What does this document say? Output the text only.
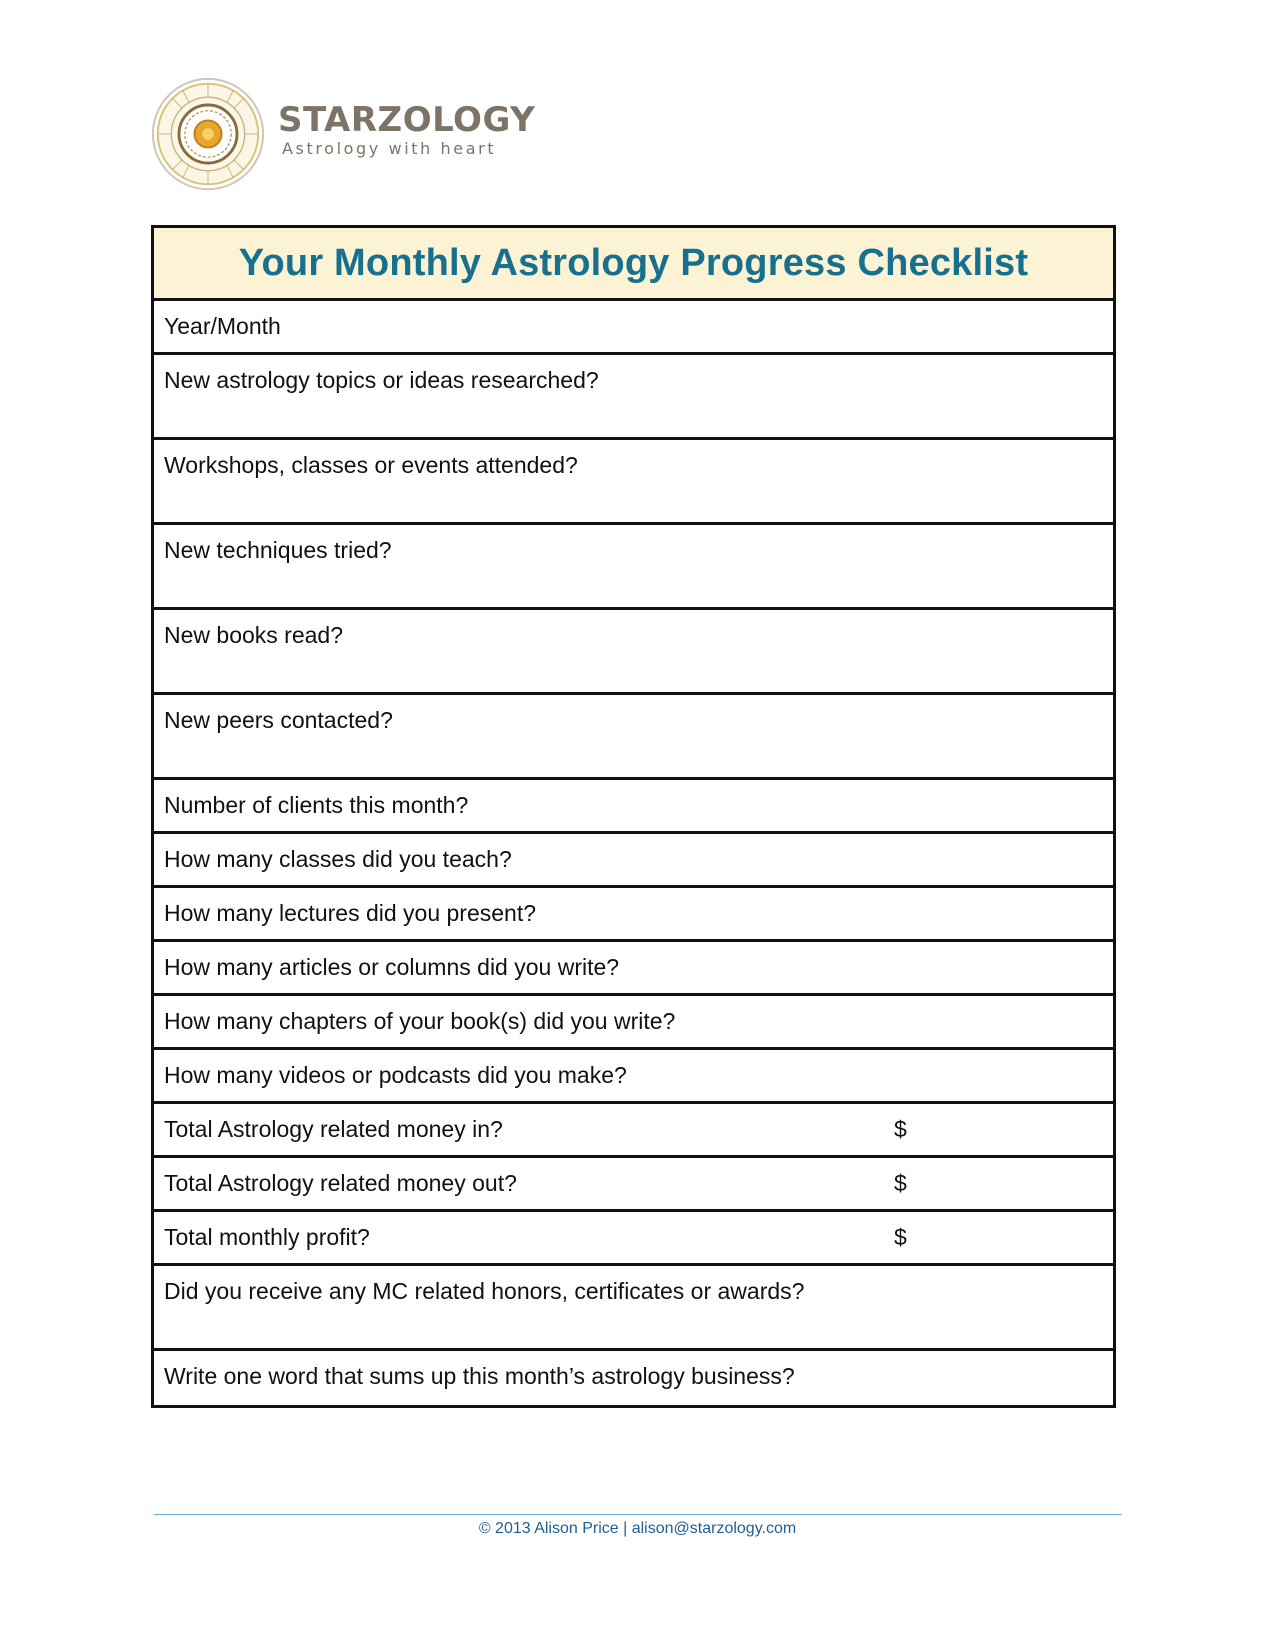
STARZOLOGY
Astrology with heart
Your Monthly Astrology Progress Checklist
Year/Month
New astrology topics or ideas researched?
Workshops, classes or events attended?
New techniques tried?
New books read?
New peers contacted?
Number of clients this month?
How many classes did you teach?
How many lectures did you present?
How many articles or columns did you write?
How many chapters of your book(s) did you write?
How many videos or podcasts did you make?
Total Astrology related money in?	$
Total Astrology related money out?	$
Total monthly profit?	$
Did you receive any MC related honors, certificates or awards?
Write one word that sums up this month’s astrology business?
© 2013 Alison Price | alison@starzology.com
